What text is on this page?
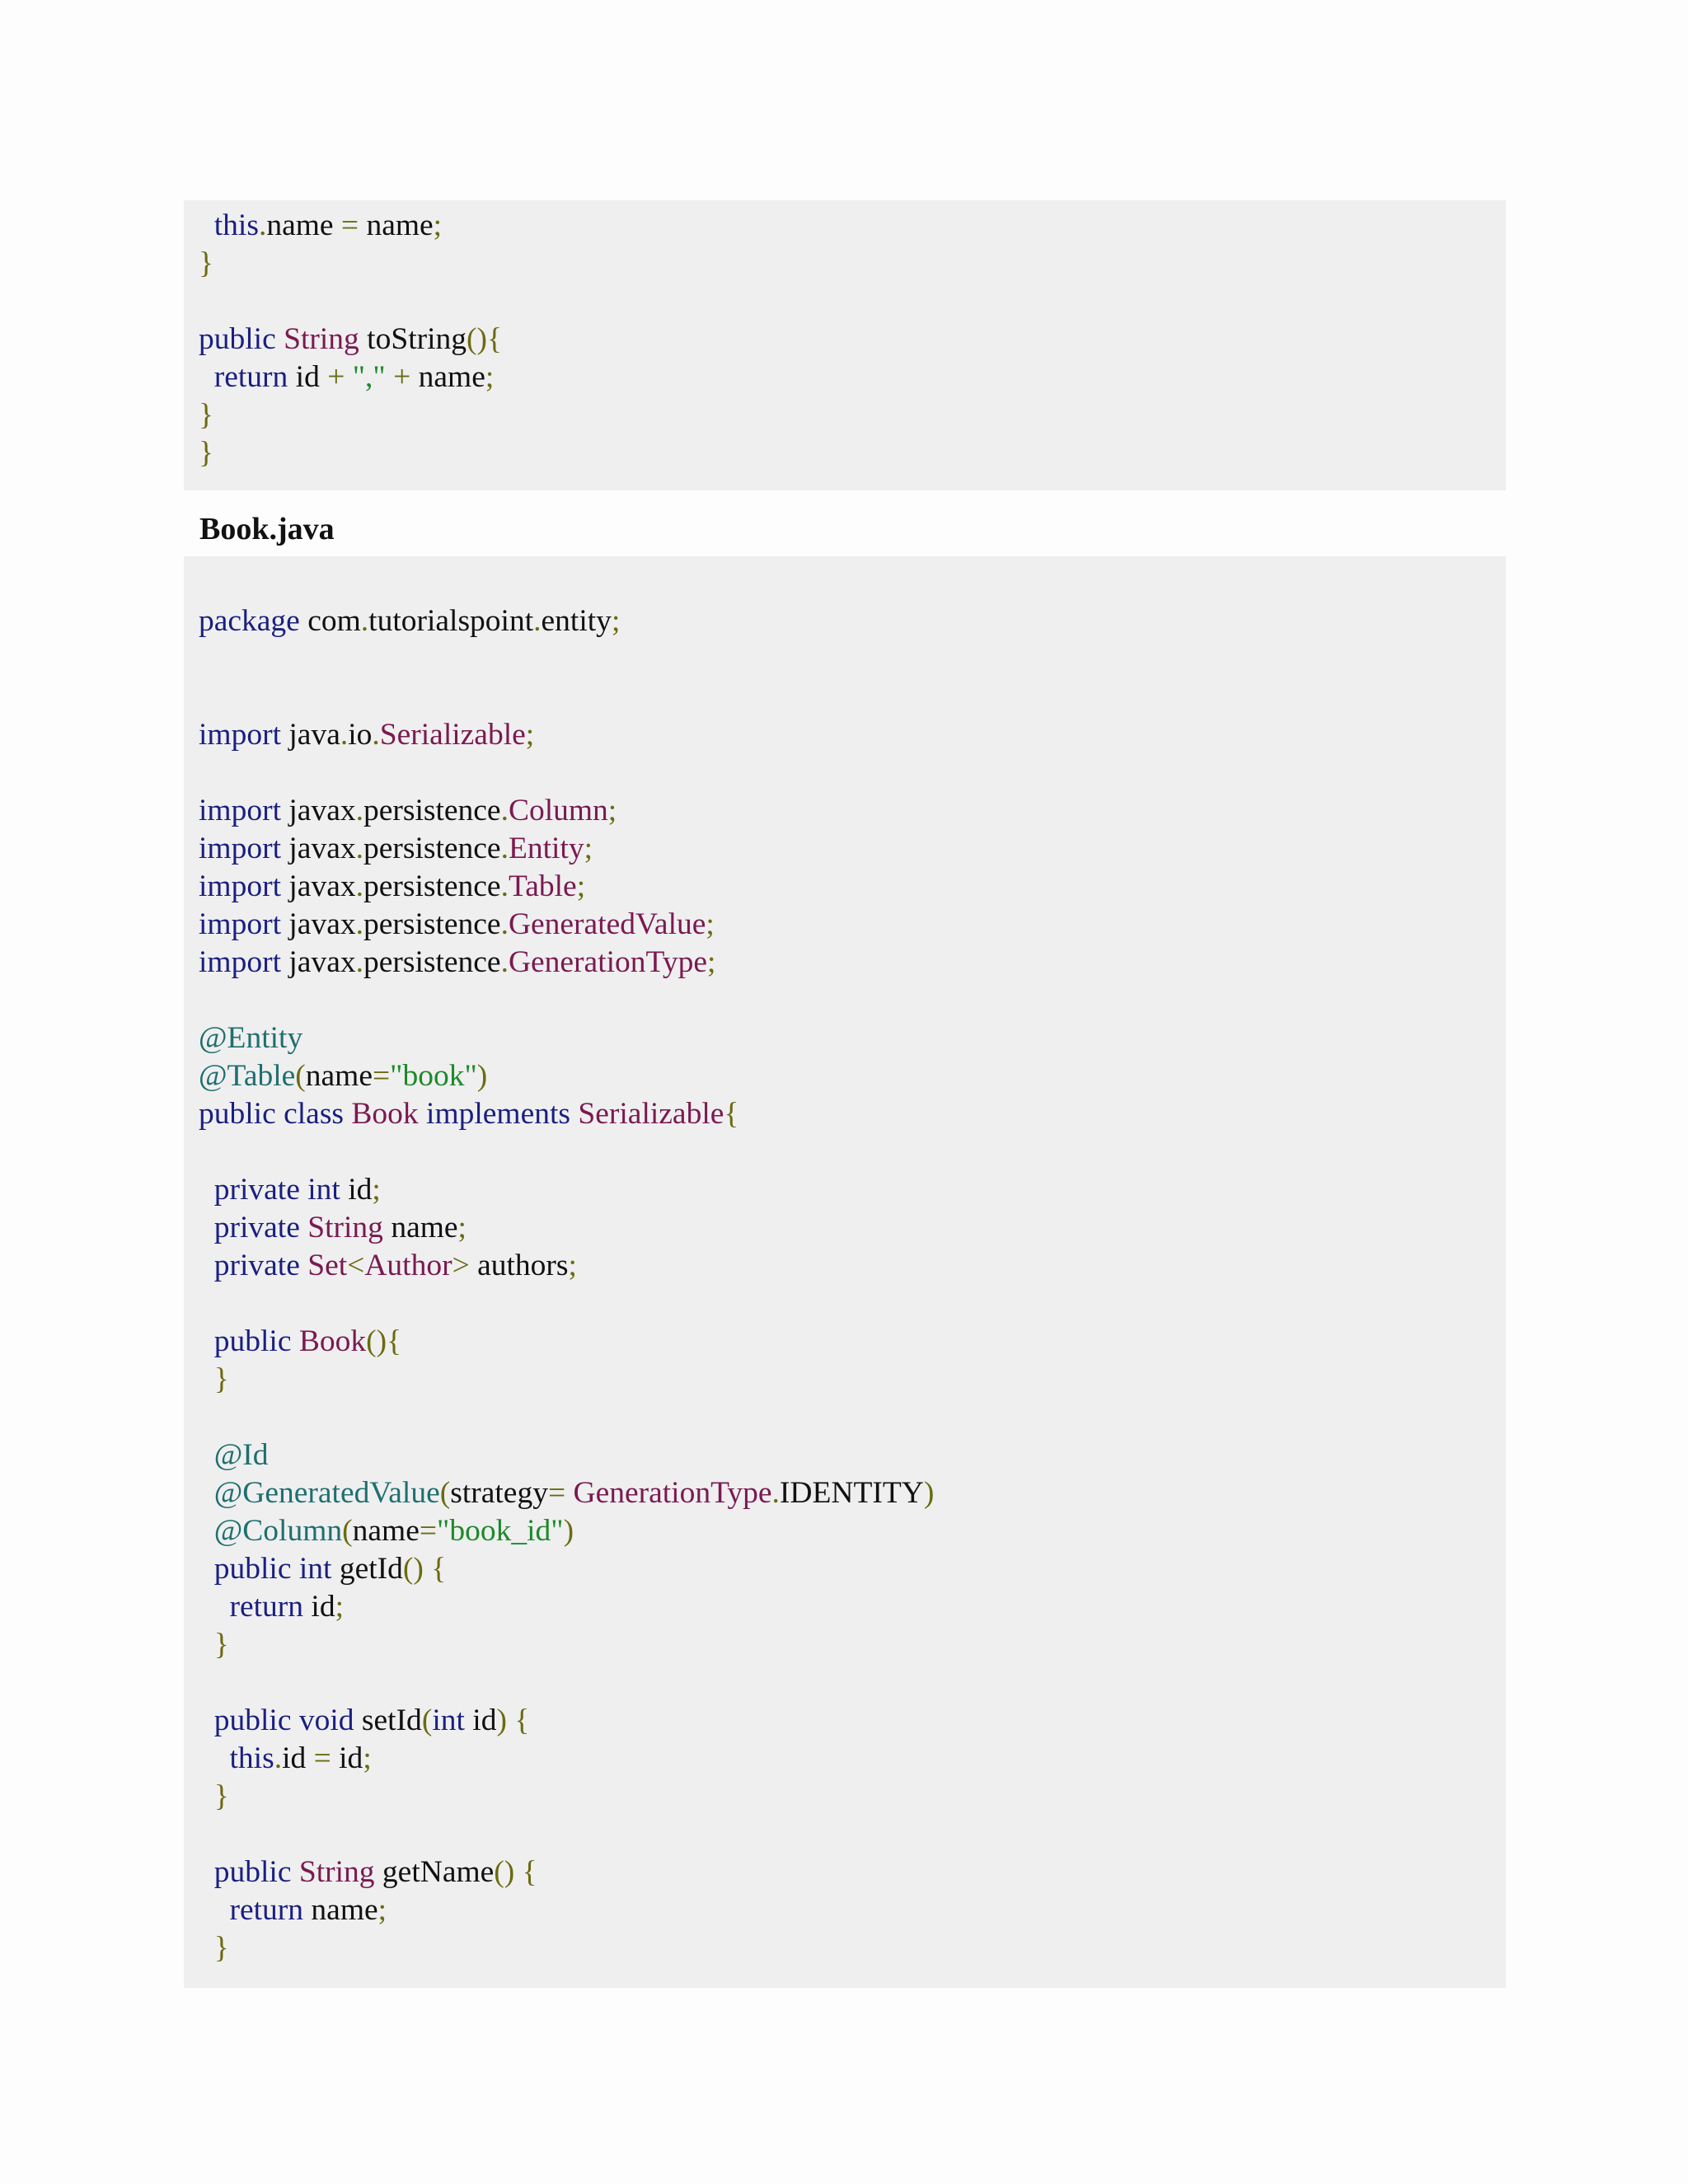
this.name = name;
}
public String toString(){
return id + "," + name;
}
}
Book.java
package com.tutorialspoint.entity;
import java.io.Serializable;
import javax.persistence.Column;
import javax.persistence.Entity;
import javax.persistence.Table;
import javax.persistence.GeneratedValue;
import javax.persistence.GenerationType;
@Entity
@Table(name="book")
public class Book implements Serializable{
private int id;
private String name;
private Set<Author> authors;
public Book(){
}
@Id
@GeneratedValue(strategy= GenerationType.IDENTITY)
@Column(name="book_id")
public int getId() {
return id;
}
public void setId(int id) {
this.id = id;
}
public String getName() {
return name;
}
